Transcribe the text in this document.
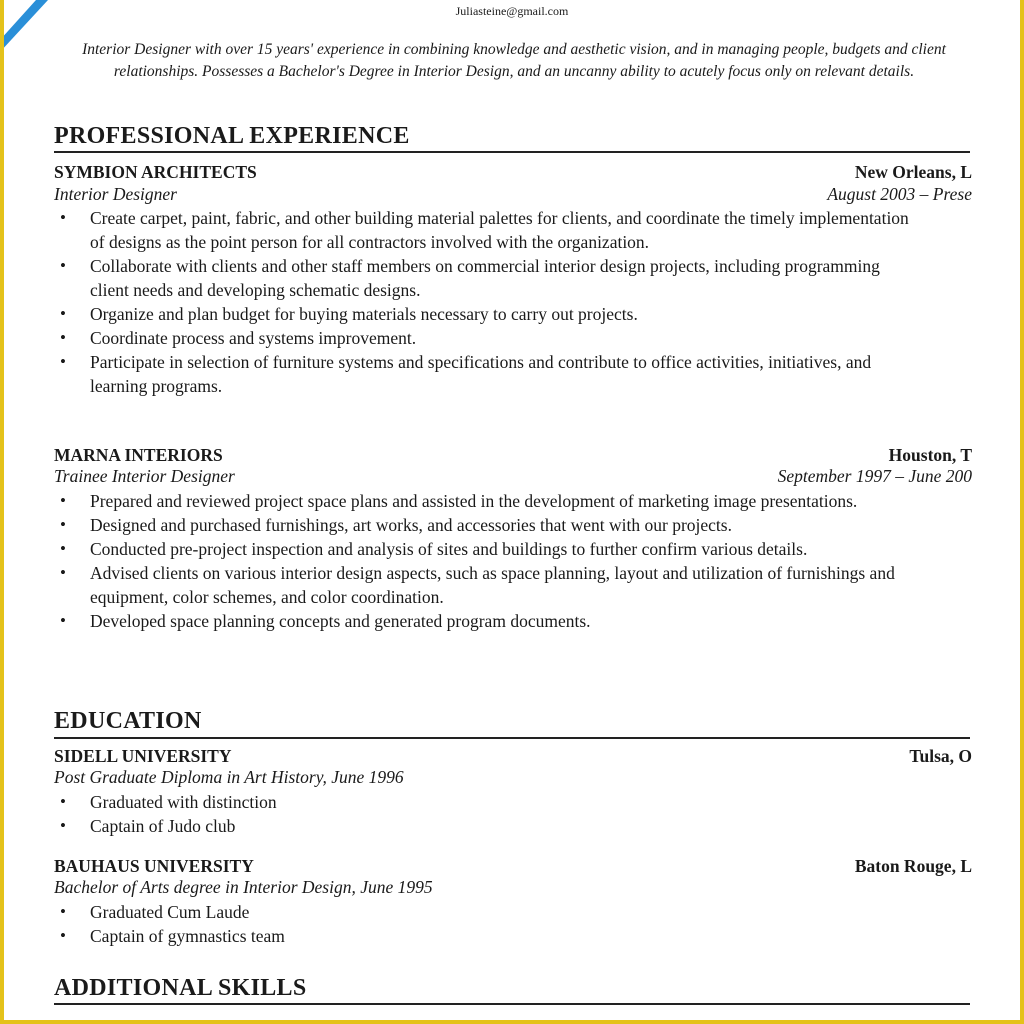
Juliasteine@gmail.com
Interior Designer with over 15 years' experience in combining knowledge and aesthetic vision, and in managing people, budgets and client relationships. Possesses a Bachelor's Degree in Interior Design, and an uncanny ability to acutely focus only on relevant details.
PROFESSIONAL EXPERIENCE
SYMBION ARCHITECTS	New Orleans, L
Interior Designer	August 2003 – Prese
• Create carpet, paint, fabric, and other building material palettes for clients, and coordinate the timely implementation of designs as the point person for all contractors involved with the organization.
• Collaborate with clients and other staff members on commercial interior design projects, including programming client needs and developing schematic designs.
• Organize and plan budget for buying materials necessary to carry out projects.
• Coordinate process and systems improvement.
• Participate in selection of furniture systems and specifications and contribute to office activities, initiatives, and learning programs.
MARNA INTERIORS	Houston, T
Trainee Interior Designer	September 1997 – June 200
• Prepared and reviewed project space plans and assisted in the development of marketing image presentations.
• Designed and purchased furnishings, art works, and accessories that went with our projects.
• Conducted pre-project inspection and analysis of sites and buildings to further confirm various details.
• Advised clients on various interior design aspects, such as space planning, layout and utilization of furnishings and equipment, color schemes, and color coordination.
• Developed space planning concepts and generated program documents.
EDUCATION
SIDELL UNIVERSITY	Tulsa, O
Post Graduate Diploma in Art History, June 1996
• Graduated with distinction
• Captain of Judo club
BAUHAUS UNIVERSITY	Baton Rouge, L
Bachelor of Arts degree in Interior Design, June 1995
• Graduated Cum Laude
• Captain of gymnastics team
ADDITIONAL SKILLS
